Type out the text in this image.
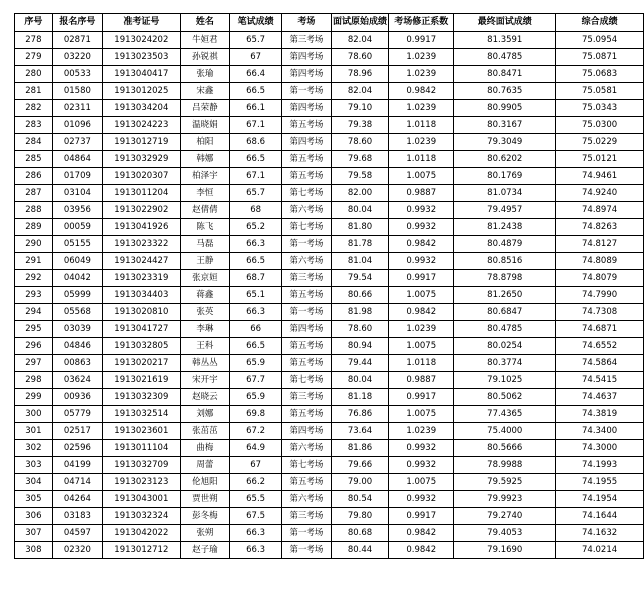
序号	报名序号	准考证号	姓名	笔试成绩	考场	面试原始成绩	考场修正系数	最终面试成绩	综合成绩
278	02871	1913024202	牛姮君	65.7	第三考场	82.04	0.9917	81.3591	75.0954
279	03220	1913023503	孙锐祺	67	第四考场	78.60	1.0239	80.4785	75.0871
280	00533	1913040417	张瑜	66.4	第四考场	78.96	1.0239	80.8471	75.0683
281	01580	1913012025	宋鑫	66.5	第一考场	82.04	0.9842	80.7635	75.0581
282	02311	1913034204	吕荣静	66.1	第四考场	79.10	1.0239	80.9905	75.0343
283	01096	1913024223	温晓娟	67.1	第五考场	79.38	1.0118	80.3167	75.0300
284	02737	1913012719	柏阳	68.6	第四考场	78.60	1.0239	79.3049	75.0229
285	04864	1913032929	韩娜	66.5	第五考场	79.68	1.0118	80.6202	75.0121
286	01709	1913020307	柏泽宇	67.1	第五考场	79.58	1.0075	80.1769	74.9461
287	03104	1913011204	李恒	65.7	第七考场	82.00	0.9887	81.0734	74.9240
288	03956	1913022902	赵倩倩	68	第六考场	80.04	0.9932	79.4957	74.8974
289	00059	1913041926	陈飞	65.2	第七考场	81.80	0.9932	81.2438	74.8263
290	05155	1913023322	马磊	66.3	第一考场	81.78	0.9842	80.4879	74.8127
291	06049	1913024427	王静	66.5	第六考场	81.04	0.9932	80.8516	74.8089
292	04042	1913023319	张京姮	68.7	第三考场	79.54	0.9917	78.8798	74.8079
293	05999	1913034403	蒋鑫	65.1	第五考场	80.66	1.0075	81.2650	74.7990
294	05568	1913020810	张英	66.3	第一考场	81.98	0.9842	80.6847	74.7308
295	03039	1913041727	李琳	66	第四考场	78.60	1.0239	80.4785	74.6871
296	04846	1913032805	王科	66.5	第五考场	80.94	1.0075	80.0254	74.6552
297	00863	1913020217	韩丛丛	65.9	第五考场	79.44	1.0118	80.3774	74.5864
298	03624	1913021619	宋开宇	67.7	第七考场	80.04	0.9887	79.1025	74.5415
299	00936	1913032309	赵晓云	65.9	第三考场	81.18	0.9917	80.5062	74.4637
300	05779	1913032514	刘娜	69.8	第五考场	76.86	1.0075	77.4365	74.3819
301	02517	1913023601	张茁茁	67.2	第四考场	73.64	1.0239	75.4000	74.3400
302	02596	1913011104	曲梅	64.9	第六考场	81.86	0.9932	80.5666	74.3000
303	04199	1913032709	周蕾	67	第七考场	79.66	0.9932	78.9988	74.1993
304	04714	1913023123	伦旭阳	66.2	第五考场	79.00	1.0075	79.5925	74.1955
305	04264	1913043001	贾世朔	65.5	第六考场	80.54	0.9932	79.9923	74.1954
306	03183	1913032324	彭冬梅	67.5	第三考场	79.80	0.9917	79.2740	74.1644
307	04597	1913042022	张朔	66.3	第一考场	80.68	0.9842	79.4053	74.1632
308	02320	1913012712	赵子瑜	66.3	第一考场	80.44	0.9842	79.1690	74.0214
